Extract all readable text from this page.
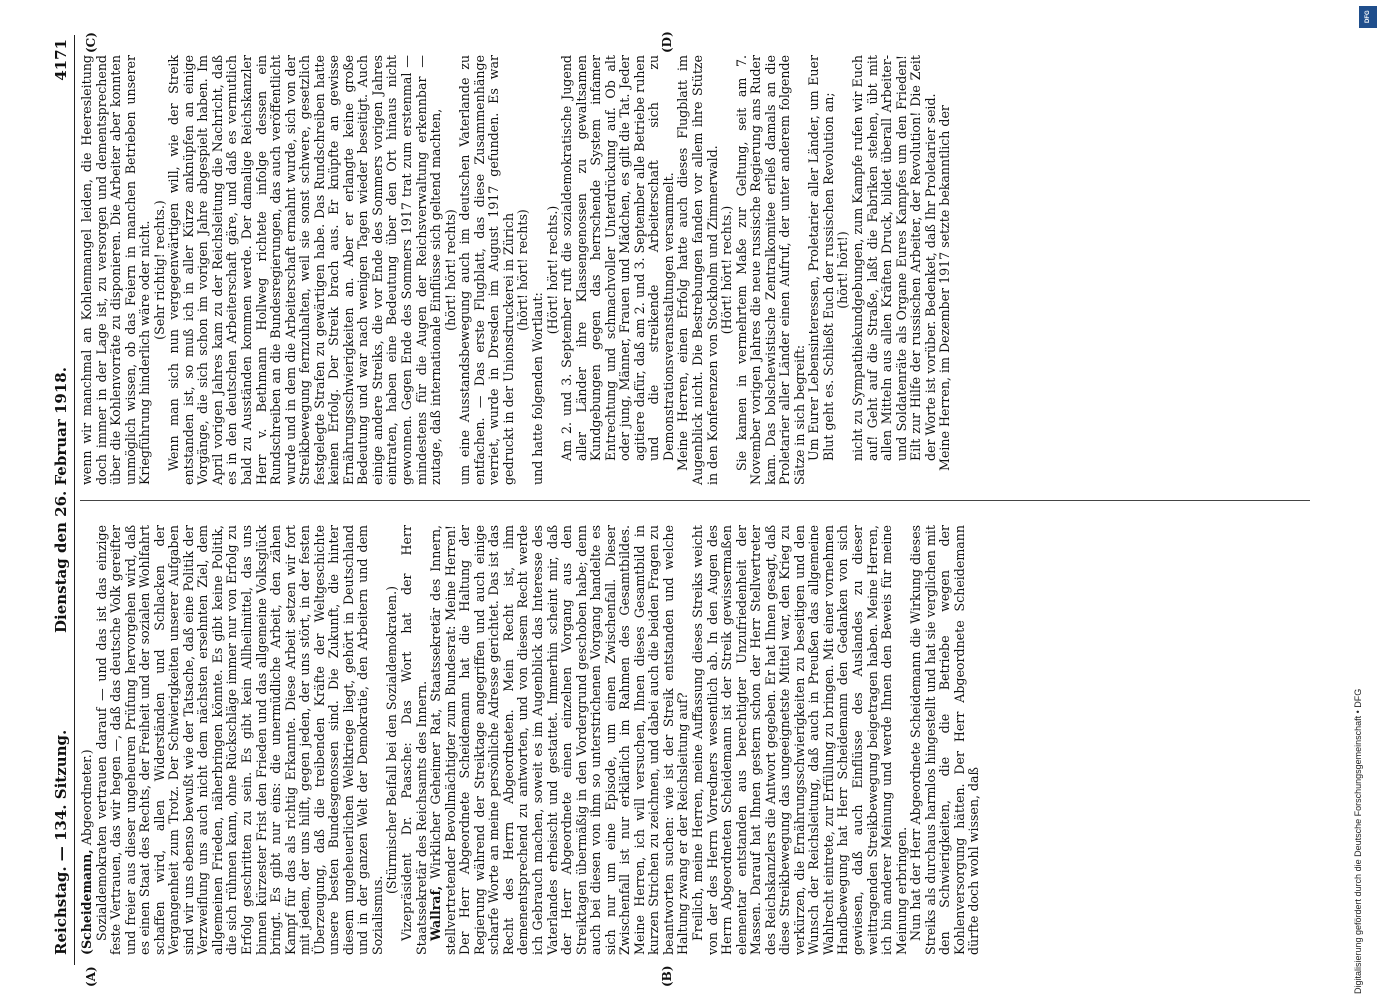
Reichstag. — 134. Sitzung.
Dienstag den 26. Februar 1918.
4171
(A)	(B)
(C)	(D)

(Scheidemann, Abgeordneter.) Sozialdemokraten vertrauen darauf — und das ist das einzige feste Vertrauen, das wir hegen —, daß das deutsche Volk gereifter und freier aus dieser ungeheuren Prüfung hervorgehen wird, daß es einen Staat des Rechts, der Freiheit und der sozialen Wohlfahrt schaffen wird, allen Widerständen und Schlacken der Vergangenheit zum Trotz. Der Schwierigkeiten unserer Aufgaben sind wir uns ebenso bewußt wie der Tatsache, daß eine Politik der Verzweiflung uns auch nicht dem nächsten ersehnten Ziel, dem allgemeinen Frieden, näherbringen könnte. Es gibt keine Politik, die sich rühmen kann, ohne Rückschläge immer nur von Erfolg zu Erfolg geschritten zu sein. Es gibt kein Allheilmittel, das uns binnen kürzester Frist den Frieden und das allgemeine Volksglück bringt. Es gibt nur eins: die unermüdliche Arbeit, den zähen Kampf für das als richtig Erkannte. Diese Arbeit setzen wir fort mit jedem, der uns hilft, gegen jeden, der uns stört, in der festen Überzeugung, daß die treibenden Kräfte der Weltgeschichte unsere besten Bundesgenossen sind. Die Zukunft, die hinter diesem ungeheuerlichen Weltkriege liegt, gehört in Deutschland und in der ganzen Welt der Demokratie, den Arbeitern und dem Sozialismus.

(Stürmischer Beifall bei den Sozialdemokraten.) Vizepräsident Dr. Paasche: Das Wort hat der Herr Staatssekretär des Reichsamts des Innern. Wallraf, Wirklicher Geheimer Rat, Staatssekretär des Innern, stellvertretender Bevollmächtigter zum Bundesrat: Meine Herren! Der Herr Abgeordnete Scheidemann hat die Haltung der Regierung während der Streiktage angegriffen und auch einige scharfe Worte an meine persönliche Adresse gerichtet. Das ist das Recht des Herrn Abgeordneten. Mein Recht ist, ihm demenentsprechend zu antworten, und von diesem Recht werde ich Gebrauch machen, soweit es im Augenblick das Interesse des Vaterlandes erheischt und gestattet. Immerhin scheint mir, daß der Herr Abgeordnete einen einzelnen Vorgang aus den Streiktagen übermäßig in den Vordergrund geschoben habe; denn auch bei diesen von ihm so unterstrichenen Vorgang handelte es sich nur um eine Episode, um einen Zwischenfall. Dieser Zwischenfall ist nur erklärlich im Rahmen des Gesamtbildes. Meine Herren, ich will versuchen, Ihnen dieses Gesamtbild in kurzen Strichen zu zeichnen, und dabei auch die beiden Fragen zu beantworten suchen: wie ist der Streik entstanden und welche Haltung zwang er der Reichsleitung auf? Freilich, meine Herren, meine Auffassung dieses Streiks weicht von der des Herrn Vorredners wesentlich ab. In den Augen des Herrn Abgeordneten Scheidemann ist der Streik gewissermaßen elementar entstanden aus berechtigter Unzufriedenheit der Massen. Darauf hat Ihnen gestern schon der Herr Stellvertreter des Reichskanzlers die Antwort gegeben. Er hat Ihnen gesagt, daß diese Streikbewegung das ungeeignetste Mittel war, den Krieg zu verkürzen, die Ernährungsschwierigkeiten zu beseitigen und den Wunsch der Reichsleitung, daß auch in Preußen das allgemeine Wahlrecht eintrete, zur Erfüllung zu bringen. Mit einer vornehmen Handbewegung hat Herr Scheidemann den Gedanken von sich gewiesen, daß auch Einflüsse des Auslandes zu dieser weittragenden Streikbewegung beigetragen haben. Meine Herren, ich bin anderer Meinung und werde Ihnen den Beweis für meine Meinung erbringen. Nun hat der Herr Abgeordnete Scheidemann die Wirkung dieses Streiks als durchaus harmlos hingestellt und hat sie verglichen mit den Schwierigkeiten, die die Betriebe wegen der Kohlenversorgung hätten. Der Herr Abgeordnete Scheidemann dürfte doch wohl wissen, daß

wenn wir manchmal an Kohlenmangel leiden, die Heeresleitung doch immer in der Lage ist, zu versorgen und dementsprechend über die Kohlenvorräte zu disponieren. Die Arbeiter aber konnten unmöglich wissen, ob das Feiern in manchen Betrieben unserer Kriegführung hinderlich wäre oder nicht. (Sehr richtig! rechts.) Wenn man sich nun vergegenwärtigen will, wie der Streik entstanden ist, so muß ich in aller Kürze anknüpfen an einige Vorgänge, die sich schon im vorigen Jahre abgespielt haben. Im April vorigen Jahres kam zu der Reichsleitung die Nachricht, daß es in den deutschen Arbeiterschaft gäre, und daß es vermutlich bald zu Ausständen kommen werde. Der damalige Reichskanzler Herr v. Bethmann Hollweg richtete infolge dessen ein Rundschreiben an die Bundesregierungen, das auch veröffentlicht wurde und in dem die Arbeiterschaft ermahnt wurde, sich von der Streikbewegung fernzuhalten, weil sie sonst schwere, gesetzlich festgelegte Strafen zu gewärtigen habe. Das Rundschreiben hatte keinen Erfolg. Der Streik brach aus. Er knüpfte an gewisse Ernährungsschwierigkeiten an. Aber er erlangte keine große Bedeutung und war nach wenigen Tagen wieder beseitigt. Auch einige andere Streiks, die vor Ende des Sommers vorigen Jahres eintraten, haben eine Bedeutung über den Ort hinaus nicht gewonnen. Gegen Ende des Sommers 1917 trat zum erstenmal — mindestens für die Augen der Reichsverwaltung erkennbar — zutage, daß internationale Einflüsse sich geltend machten, (hört! hört! rechts) um eine Ausstandsbewegung auch im deutschen Vaterlande zu entfachen. — Das erste Flugblatt, das diese Zusammenhänge verriet, wurde in Dresden im August 1917 gefunden. Es war gedruckt in der Unionsdruckerei in Zürich (hört! hört! rechts)

und hatte folgenden Wortlaut:

(Hört! hört! rechts.) Am 2. und 3. September ruft die sozialdemokratische Jugend aller Länder ihre Klassengenossen zu gewaltsamen Kundgebungen gegen das herrschende System infamer Entrechtung und schmachvoller Unterdrückung auf. Ob alt oder jung, Männer, Frauen und Mädchen, es gilt die Tat. Jeder agitiere dafür, daß am 2. und 3. September alle Betriebe ruhen und die streikende Arbeiterschaft sich zu Demonstrationsveranstaltungen versammelt. Meine Herren, einen Erfolg hatte auch dieses Flugblatt im Augenblick nicht. Die Bestrebungen fanden vor allem ihre Stütze in den Konferenzen von Stockholm und Zimmerwald. (Hört! hört! rechts.) Sie kamen in vermehrtem Maße zur Geltung, seit am 7. November vorigen Jahres die neue russische Regierung ans Ruder kam. Das bolschewistische Zentralkomitee erließ damals an die Proletarier aller Länder einen Aufruf, der unter anderem folgende Sätze in sich begreift: Um Eurer Lebensinteressen, Proletarier aller Länder, um Euer Blut geht es. Schließt Euch der russischen Revolution an; (hört! hört!) nicht zu Sympathiekundgebungen, zum Kampfe rufen wir Euch auf! Geht auf die Straße, laßt die Fabriken stehen, übt mit allen Mitteln aus allen Kräften Druck, bildet überall Arbeiter- und Soldatenräte als Organe Eures Kampfes um den Frieden! Eilt zur Hilfe der russischen Arbeiter, der Revolution! Die Zeit der Worte ist vorüber. Bedenket, daß Ihr Proletarier seid. Meine Herren, im Dezember 1917 setzte bekanntlich der

Digitalisierung gefördert durch die Deutsche Forschungsgemeinschaft • DFG
DFG
